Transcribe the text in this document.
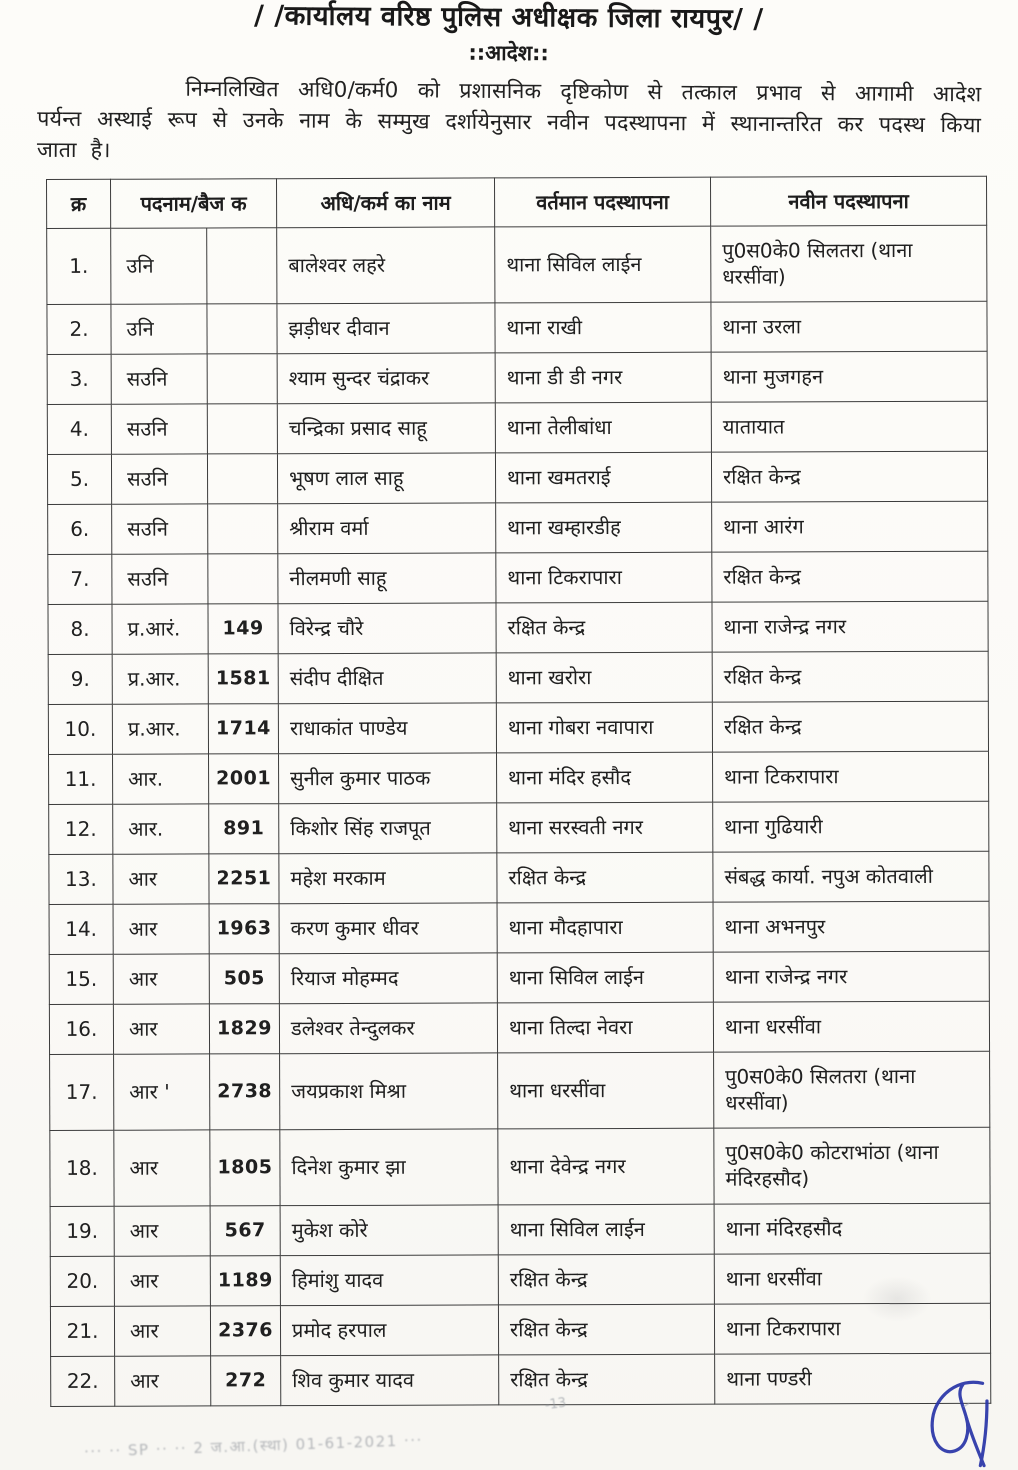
/ /कार्यालय वरिष्ठ पुलिस अधीक्षक जिला रायपुर/ /
::आदेश::

निम्नलिखित अधि0/कर्म0 को प्रशासनिक दृष्टिकोण से तत्काल प्रभाव से आगामी आदेश पर्यन्त अस्थाई रूप से उनके नाम के सम्मुख दर्शायेनुसार नवीन पदस्थापना में स्थानान्तरित कर पदस्थ किया जाता है।

क्र	पदनाम/बैज क		अधि/कर्म का नाम	वर्तमान पदस्थापना	नवीन पदस्थापना
1.	उनि		बालेश्वर लहरे	थाना सिविल लाईन	पु0स0के0 सिलतरा (थाना धरसींवा)
2.	उनि		झड़ीधर दीवान	थाना राखी	थाना उरला
3.	सउनि		श्याम सुन्दर चंद्राकर	थाना डी डी नगर	थाना मुजगहन
4.	सउनि		चन्द्रिका प्रसाद साहू	थाना तेलीबांधा	यातायात
5.	सउनि		भूषण लाल साहू	थाना खमतराई	रक्षित केन्द्र
6.	सउनि		श्रीराम वर्मा	थाना खम्हारडीह	थाना आरंग
7.	सउनि		नीलमणी साहू	थाना टिकरापारा	रक्षित केन्द्र
8.	प्र.आरं.	149	विरेन्द्र चौरे	रक्षित केन्द्र	थाना राजेन्द्र नगर
9.	प्र.आर.	1581	संदीप दीक्षित	थाना खरोरा	रक्षित केन्द्र
10.	प्र.आर.	1714	राधाकांत पाण्डेय	थाना गोबरा नवापारा	रक्षित केन्द्र
11.	आर.	2001	सुनील कुमार पाठक	थाना मंदिर हसौद	थाना टिकरापारा
12.	आर.	891	किशोर सिंह राजपूत	थाना सरस्वती नगर	थाना गुढियारी
13.	आर	2251	महेश मरकाम	रक्षित केन्द्र	संबद्ध कार्या. नपुअ कोतवाली
14.	आर	1963	करण कुमार धीवर	थाना मौदहापारा	थाना अभनपुर
15.	आर	505	रियाज मोहम्मद	थाना सिविल लाईन	थाना राजेन्द्र नगर
16.	आर	1829	डलेश्वर तेन्दुलकर	थाना तिल्दा नेवरा	थाना धरसींवा
17.	आर '	2738	जयप्रकाश मिश्रा	थाना धरसींवा	पु0स0के0 सिलतरा (थाना धरसींवा)
18.	आर	1805	दिनेश कुमार झा	थाना देवेन्द्र नगर	पु0स0के0 कोटराभांठा (थाना मंदिरहसौद)
19.	आर	567	मुकेश कोरे	थाना सिविल लाईन	थाना मंदिरहसौद
20.	आर	1189	हिमांशु यादव	रक्षित केन्द्र	थाना धरसींवा
21.	आर	2376	प्रमोद हरपाल	रक्षित केन्द्र	थाना टिकरापारा
22.	आर	272	शिव कुमार यादव	रक्षित केन्द्र	थाना पण्डरी
··· ·· SP ·· ·· 2 ज.आ.(स्था) 01-61-2021 ···
-13
